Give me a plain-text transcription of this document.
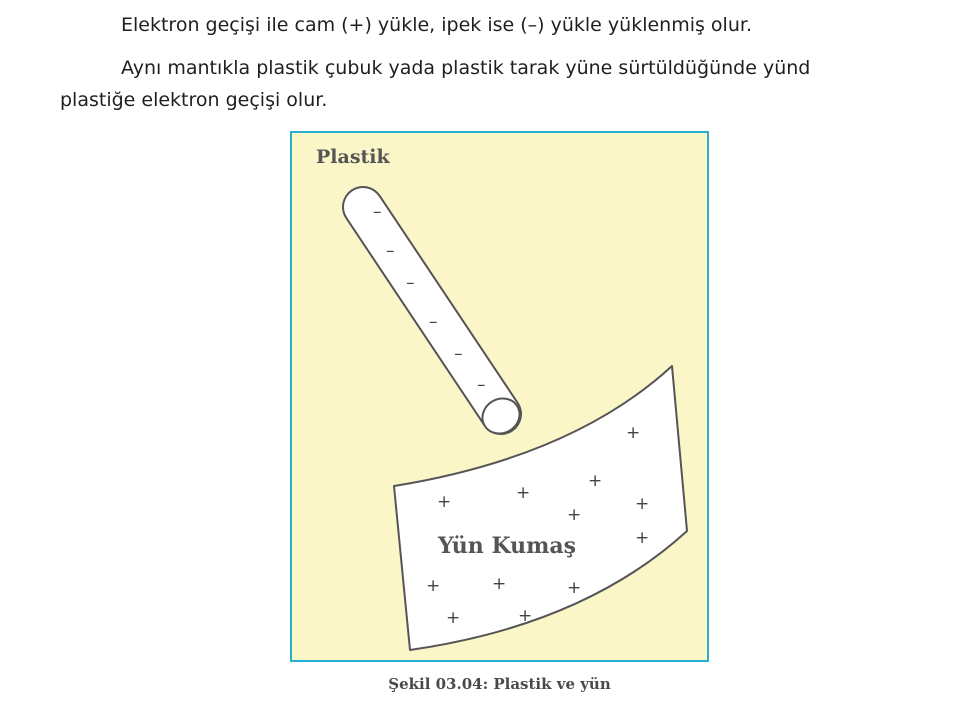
Elektron geçişi ile cam (+) yükle, ipek ise (–) yükle yüklenmiş olur.

Aynı mantıkla plastik çubuk yada plastik tarak yüne sürtüldüğünde yünd

plastiğe elektron geçişi olur.

Plastik
–
–
–
–
–
–
+
+
+
+
+
+
+
+	+	+
+	+
Yün Kumaş
Şekil 03.04: Plastik ve yün
